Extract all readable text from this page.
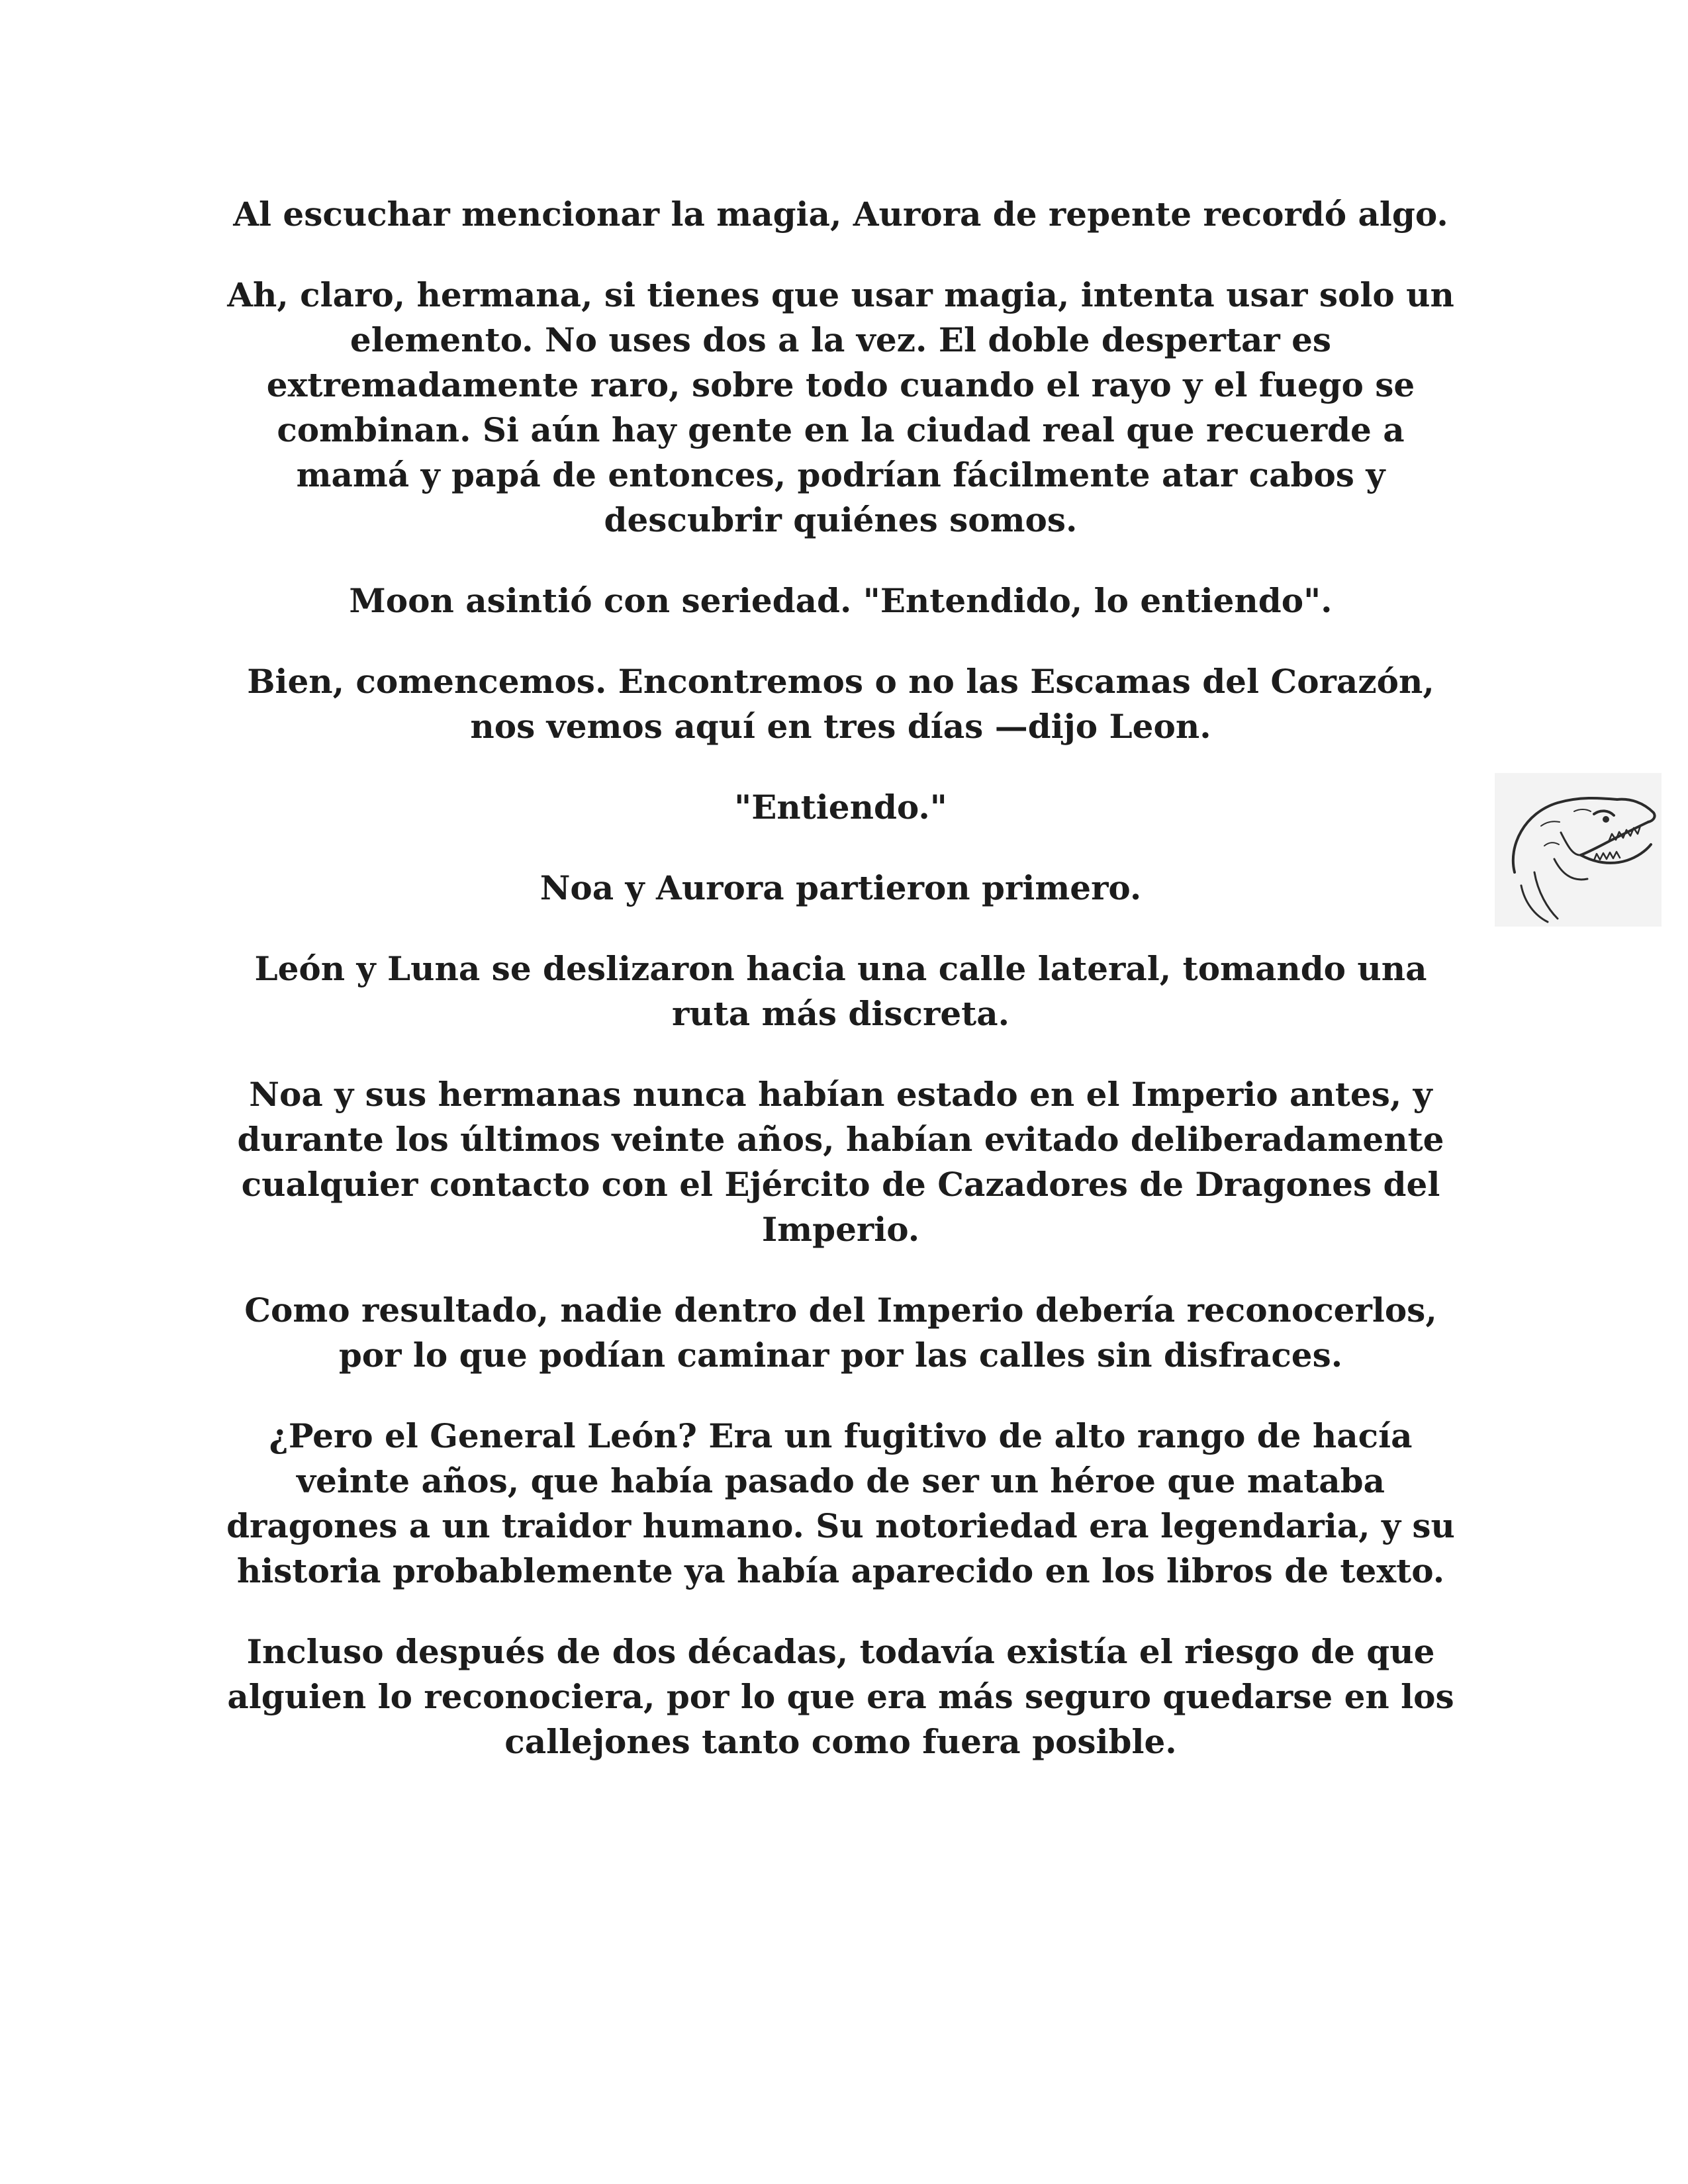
Al escuchar mencionar la magia, Aurora de repente recordó algo.

Ah, claro, hermana, si tienes que usar magia, intenta usar solo un elemento. No uses dos a la vez. El doble despertar es extremadamente raro, sobre todo cuando el rayo y el fuego se combinan. Si aún hay gente en la ciudad real que recuerde a mamá y papá de entonces, podrían fácilmente atar cabos y descubrir quiénes somos.

Moon asintió con seriedad. "Entendido, lo entiendo".

Bien, comencemos. Encontremos o no las Escamas del Corazón, nos vemos aquí en tres días —dijo Leon.

"Entiendo."

Noa y Aurora partieron primero.

León y Luna se deslizaron hacia una calle lateral, tomando una ruta más discreta.

Noa y sus hermanas nunca habían estado en el Imperio antes, y durante los últimos veinte años, habían evitado deliberadamente cualquier contacto con el Ejército de Cazadores de Dragones del Imperio.

Como resultado, nadie dentro del Imperio debería reconocerlos, por lo que podían caminar por las calles sin disfraces.

¿Pero el General León? Era un fugitivo de alto rango de hacía veinte años, que había pasado de ser un héroe que mataba dragones a un traidor humano. Su notoriedad era legendaria, y su historia probablemente ya había aparecido en los libros de texto.

Incluso después de dos décadas, todavía existía el riesgo de que alguien lo reconociera, por lo que era más seguro quedarse en los callejones tanto como fuera posible.
